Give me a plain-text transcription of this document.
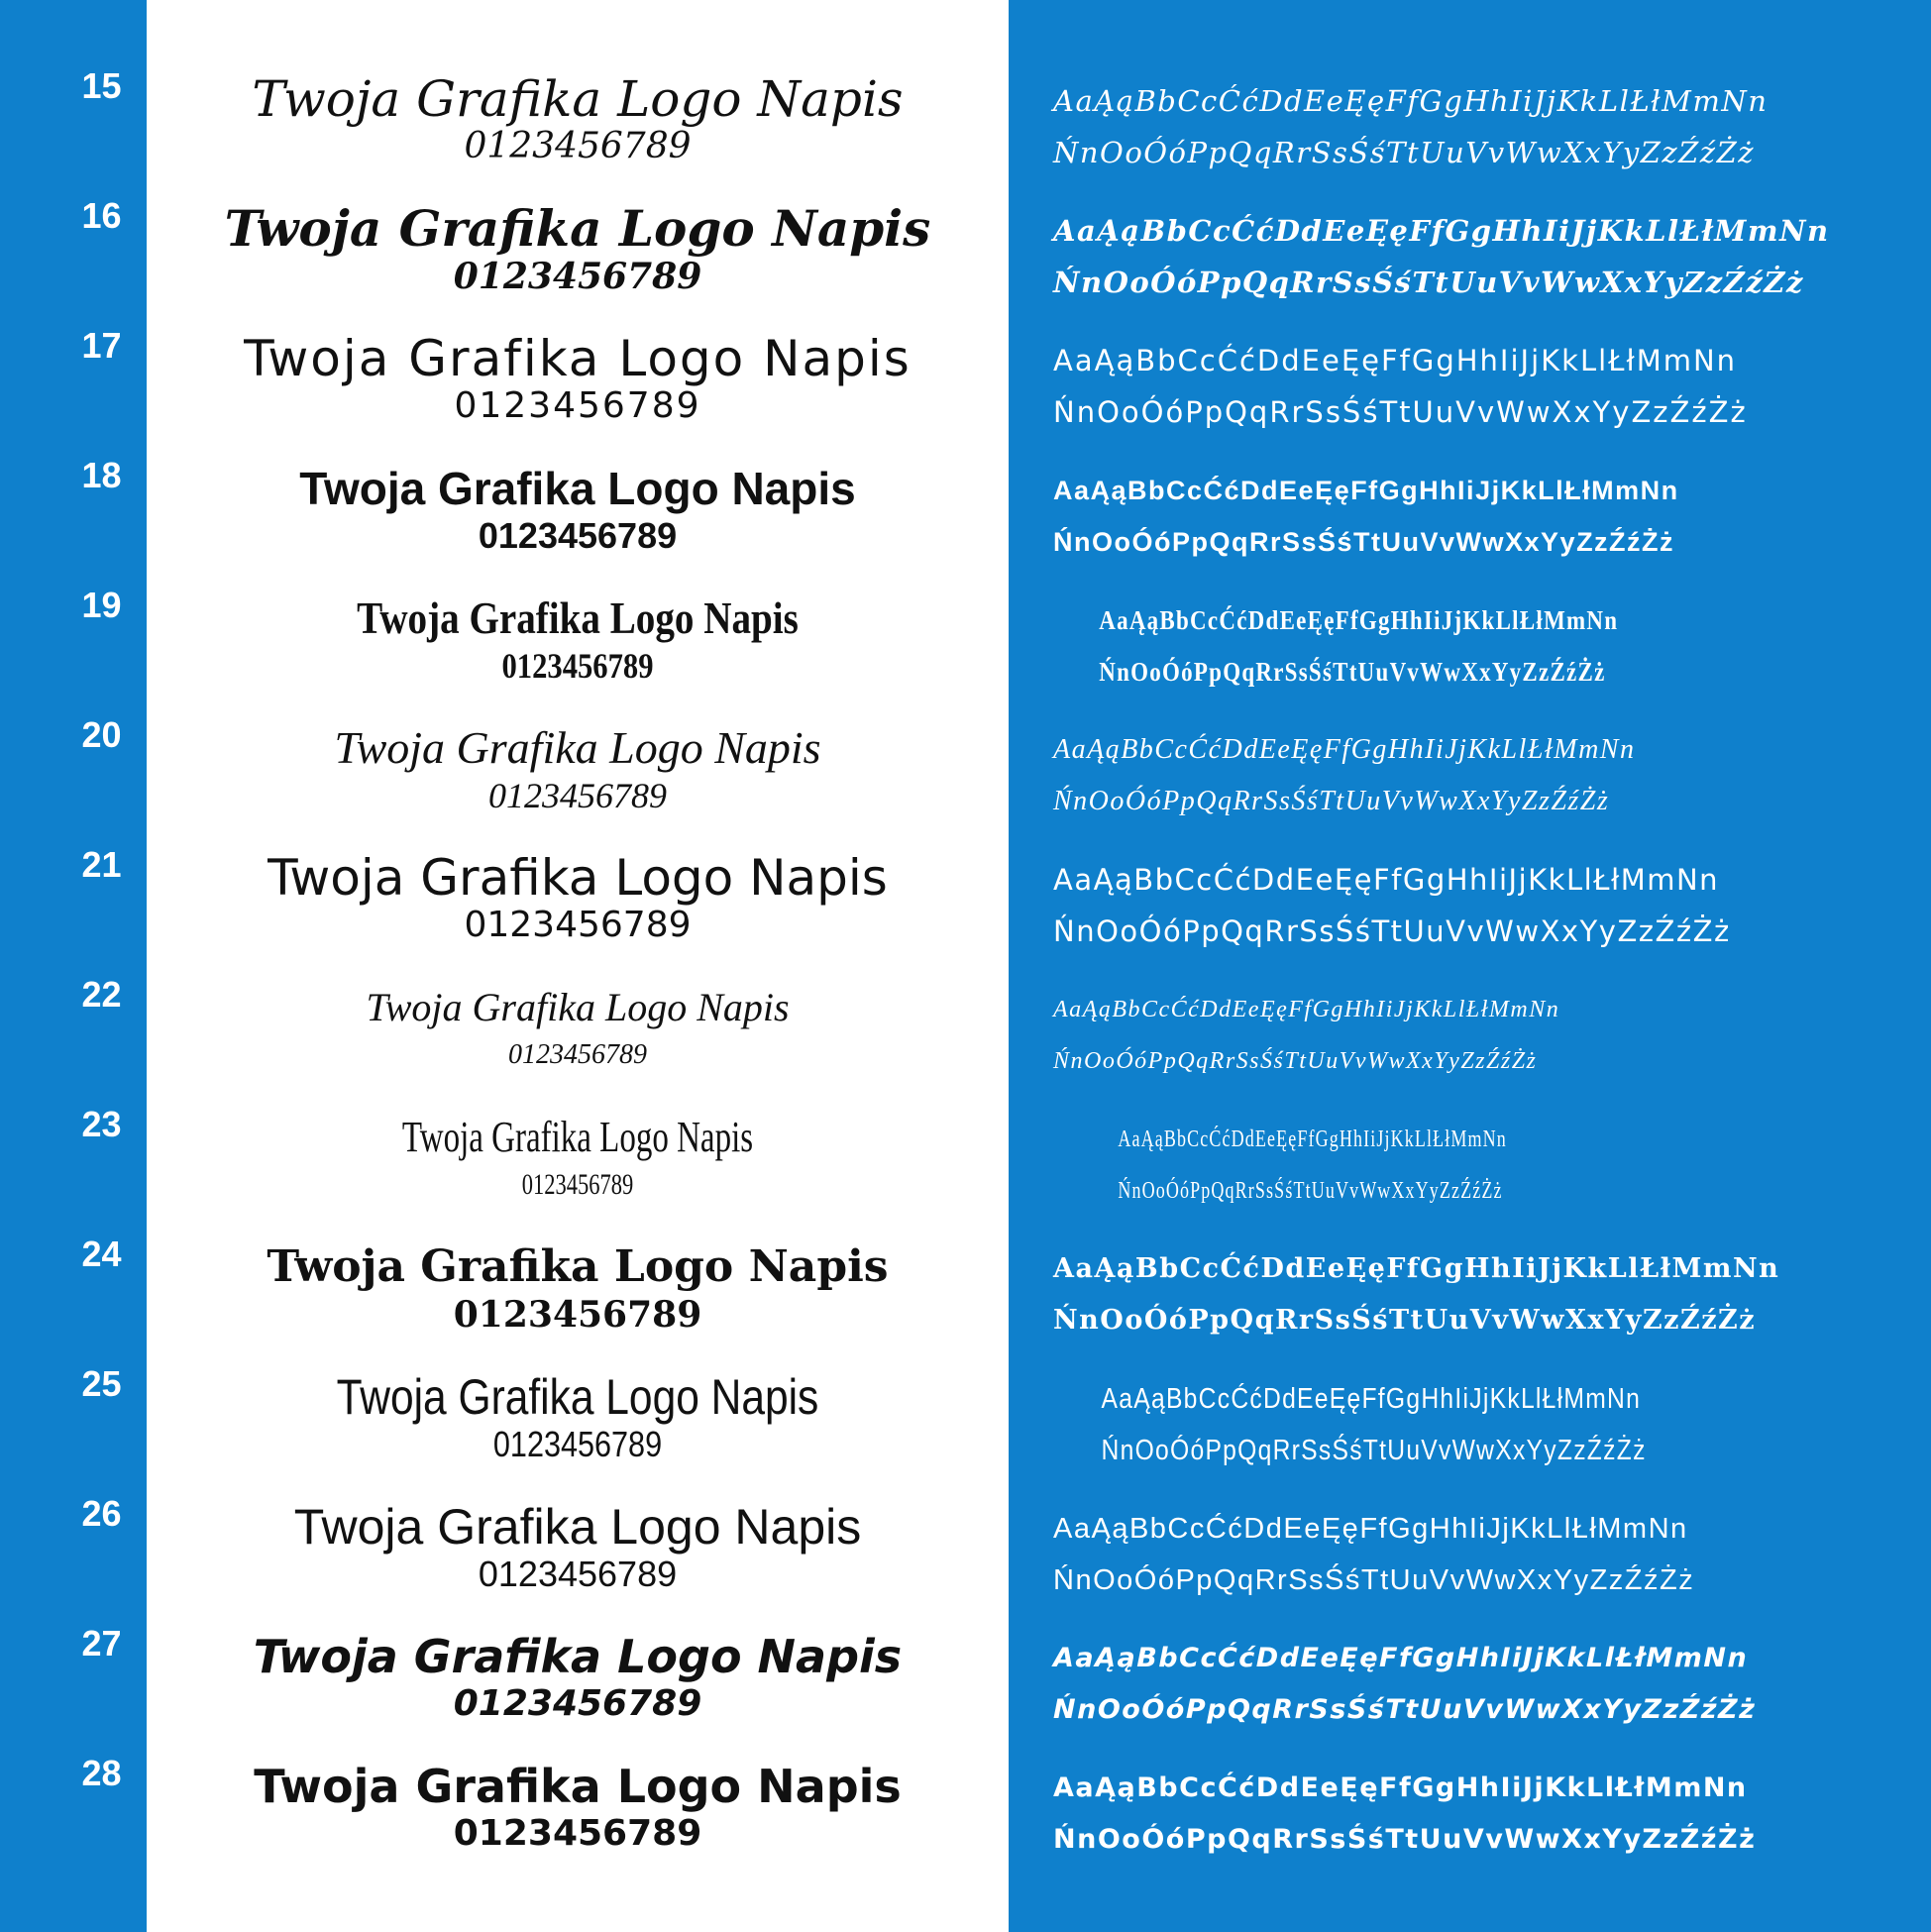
15	Twoja Grafika Logo Napis
0123456789
AaĄąBbCcĆćDdEeĘęFfGgHhIiJjKkLlŁłMmNn
ŃnOoÓóPpQqRrSsŚśTtUuVvWwXxYyZzŹźŻż
16	Twoja Grafika Logo Napis
0123456789
AaĄąBbCcĆćDdEeĘęFfGgHhIiJjKkLlŁłMmNn
ŃnOoÓóPpQqRrSsŚśTtUuVvWwXxYyZzŹźŻż
17	Twoja Grafika Logo Napis
0123456789
AaĄąBbCcĆćDdEeĘęFfGgHhIiJjKkLlŁłMmNn
ŃnOoÓóPpQqRrSsŚśTtUuVvWwXxYyZzŹźŻż
18	Twoja Grafika Logo Napis
0123456789
AaĄąBbCcĆćDdEeĘęFfGgHhIiJjKkLlŁłMmNn
ŃnOoÓóPpQqRrSsŚśTtUuVvWwXxYyZzŹźŻż
19	Twoja Grafika Logo Napis
0123456789
AaĄąBbCcĆćDdEeĘęFfGgHhIiJjKkLlŁłMmNn
ŃnOoÓóPpQqRrSsŚśTtUuVvWwXxYyZzŹźŻż
20	Twoja Grafika Logo Napis
0123456789
AaĄąBbCcĆćDdEeĘęFfGgHhIiJjKkLlŁłMmNn
ŃnOoÓóPpQqRrSsŚśTtUuVvWwXxYyZzŹźŻż
21	Twoja Grafika Logo Napis
0123456789
AaĄąBbCcĆćDdEeĘęFfGgHhIiJjKkLlŁłMmNn
ŃnOoÓóPpQqRrSsŚśTtUuVvWwXxYyZzŹźŻż
22	Twoja Grafika Logo Napis
0123456789
AaĄąBbCcĆćDdEeĘęFfGgHhIiJjKkLlŁłMmNn
ŃnOoÓóPpQqRrSsŚśTtUuVvWwXxYyZzŹźŻż
23	Twoja Grafika Logo Napis
0123456789
AaĄąBbCcĆćDdEeĘęFfGgHhIiJjKkLlŁłMmNn
ŃnOoÓóPpQqRrSsŚśTtUuVvWwXxYyZzŹźŻż
24	Twoja Grafika Logo Napis
0123456789
AaĄąBbCcĆćDdEeĘęFfGgHhIiJjKkLlŁłMmNn
ŃnOoÓóPpQqRrSsŚśTtUuVvWwXxYyZzŹźŻż
25	Twoja Grafika Logo Napis
0123456789
AaĄąBbCcĆćDdEeĘęFfGgHhIiJjKkLlŁłMmNn
ŃnOoÓóPpQqRrSsŚśTtUuVvWwXxYyZzŹźŻż
26	Twoja Grafika Logo Napis
0123456789
AaĄąBbCcĆćDdEeĘęFfGgHhIiJjKkLlŁłMmNn
ŃnOoÓóPpQqRrSsŚśTtUuVvWwXxYyZzŹźŻż
27	Twoja Grafika Logo Napis
0123456789
AaĄąBbCcĆćDdEeĘęFfGgHhIiJjKkLlŁłMmNn
ŃnOoÓóPpQqRrSsŚśTtUuVvWwXxYyZzŹźŻż
28	Twoja Grafika Logo Napis
0123456789
AaĄąBbCcĆćDdEeĘęFfGgHhIiJjKkLlŁłMmNn
ŃnOoÓóPpQqRrSsŚśTtUuVvWwXxYyZzŹźŻż
